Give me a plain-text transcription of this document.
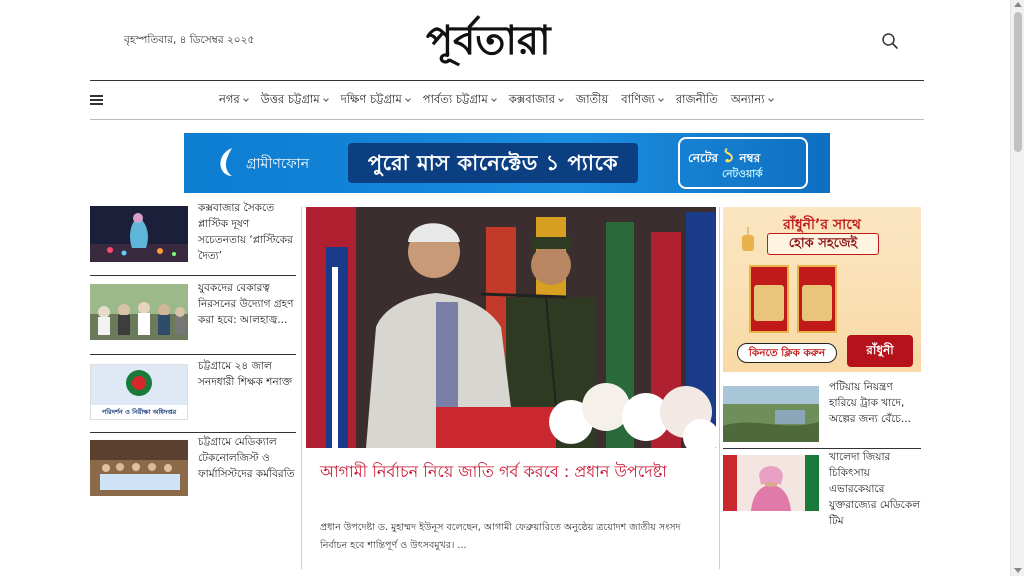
বৃহস্পতিবার, ৪ ডিসেম্বর ২০২৫	পূর্বতারা
নগর উত্তর চট্টগ্রাম দক্ষিণ চট্টগ্রাম পার্বত্য চট্টগ্রাম কক্সবাজার জাতীয় বাণিজ্য রাজনীতি অন্যান্য
গ্রামীণফোন	পুরো মাস কানেক্টেড ১ প্যাকে	নেটের ১ নম্বর
নেটওয়ার্ক
কক্সবাজার সৈকতে প্লাস্টিক দূষণ সচেতনতায় ‘প্লাস্টিকের দৈত্য’
যুবকদের বেকারত্ব নিরসনের উদ্যোগ গ্রহণ করা হবে: আলহাজ্ব...
পরিদর্শন ও নিরীক্ষা অধিদপ্তর
চট্টগ্রামে ২৪ জাল সনদধারী শিক্ষক শনাক্ত
চট্টগ্রামে মেডিক্যাল টেকনোলজিস্ট ও ফার্মাসিস্টদের কর্মবিরতি আগামী নির্বাচন নিয়ে জাতি গর্ব করবে : প্রধান উপদেষ্টা
প্রধান উপদেষ্টা ড. মুহাম্মদ ইউনূস বলেছেন, আগামী ফেব্রুয়ারিতে অনুষ্ঠেয় ত্রয়োদশ জাতীয় সংসদ নির্বাচন হবে শান্তিপূর্ণ ও উৎসবমুখর। ...
রাঁধুনী’র সাথে
হোক সহজেই
কিনতে ক্লিক করুন	রাঁধুনী
পটিয়ায় নিয়ন্ত্রণ হারিয়ে ট্রাক খাদে, অল্পের জন্য বেঁচে...
খালেদা জিয়ার চিকিৎসায় এভারকেয়ারে যুক্তরাজ্যের মেডিকেল টিম
